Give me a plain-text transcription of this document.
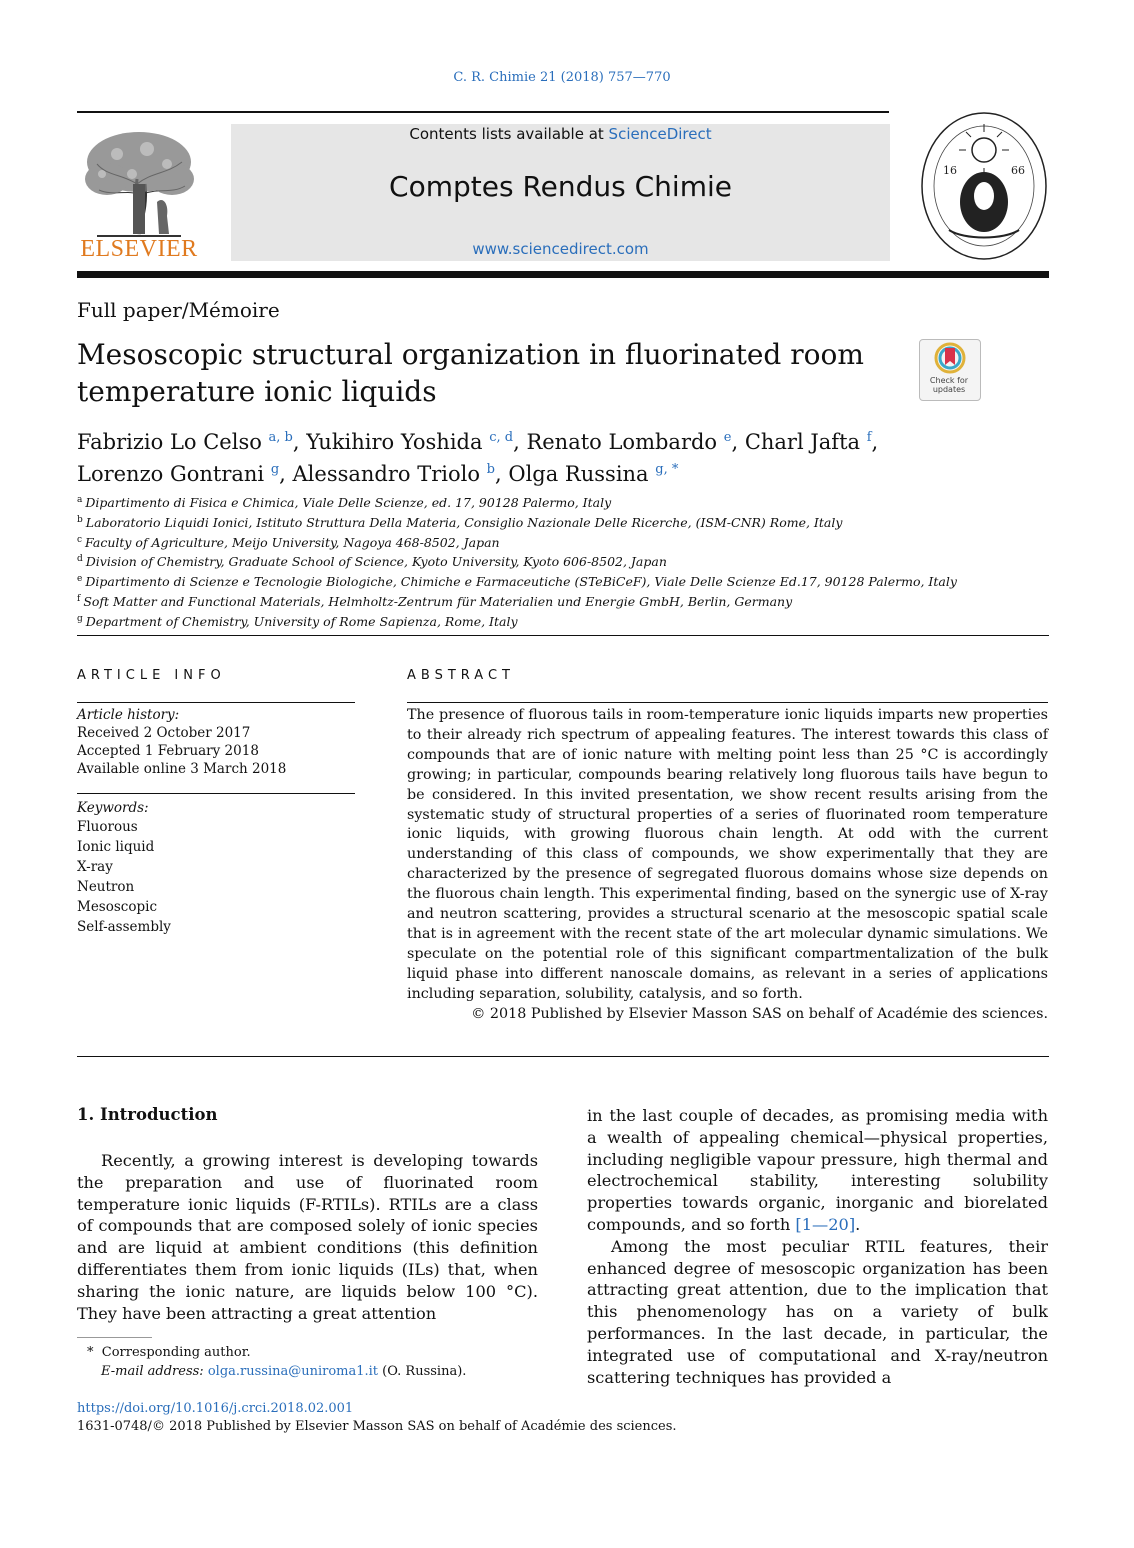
C. R. Chimie 21 (2018) 757—770
ELSEVIER
Contents lists available at ScienceDirect
Comptes Rendus Chimie
www.sciencedirect.com
16	66
Full paper/Mémoire
Mesoscopic structural organization in fluorinated room temperature ionic liquids	Check for
updates
Fabrizio Lo Celso $^{a, b}$, Yukihiro Yoshida $^{c, d}$, Renato Lombardo $^e$, Charl Jafta $^f$,
Lorenzo Gontrani $^g$, Alessandro Triolo $^b$, Olga Russina $^{g, *}$
$^a$ Dipartimento di Fisica e Chimica, Viale Delle Scienze, ed. 17, 90128 Palermo, Italy
$^b$ Laboratorio Liquidi Ionici, Istituto Struttura Della Materia, Consiglio Nazionale Delle Ricerche, (ISM-CNR) Rome, Italy
$^c$ Faculty of Agriculture, Meijo University, Nagoya 468-8502, Japan
$^d$ Division of Chemistry, Graduate School of Science, Kyoto University, Kyoto 606-8502, Japan
$^e$ Dipartimento di Scienze e Tecnologie Biologiche, Chimiche e Farmaceutiche (STeBiCeF), Viale Delle Scienze Ed.17, 90128 Palermo, Italy
$^f$ Soft Matter and Functional Materials, Helmholtz-Zentrum für Materialien und Energie GmbH, Berlin, Germany
$^g$ Department of Chemistry, University of Rome Sapienza, Rome, Italy
ARTICLE INFO
Article history:
Received 2 October 2017
Accepted 1 February 2018
Available online 3 March 2018
Keywords:
Fluorous
Ionic liquid
X-ray
Neutron
Mesoscopic
Self-assembly
ABSTRACT
The presence of fluorous tails in room-temperature ionic liquids imparts new properties to their already rich spectrum of appealing features. The interest towards this class of compounds that are of ionic nature with melting point less than 25 °C is accordingly growing; in particular, compounds bearing relatively long fluorous tails have begun to be considered. In this invited presentation, we show recent results arising from the systematic study of structural properties of a series of fluorinated room temperature ionic liquids, with growing fluorous chain length. At odd with the current understanding of this class of compounds, we show experimentally that they are characterized by the presence of segregated fluorous domains whose size depends on the fluorous chain length. This experimental finding, based on the synergic use of X-ray and neutron scattering, provides a structural scenario at the mesoscopic spatial scale that is in agreement with the recent state of the art molecular dynamic simulations. We speculate on the potential role of this significant compartmentalization of the bulk liquid phase into different nanoscale domains, as relevant in a series of applications including separation, solubility, catalysis, and so forth.
© 2018 Published by Elsevier Masson SAS on behalf of Académie des sciences.
1. Introduction

Recently, a growing interest is developing towards the preparation and use of fluorinated room temperature ionic liquids (F-RTILs). RTILs are a class of compounds that are composed solely of ionic species and are liquid at ambient conditions (this definition differentiates them from ionic liquids (ILs) that, when sharing the ionic nature, are liquids below 100 °C). They have been attracting a great attention

in the last couple of decades, as promising media with a wealth of appealing chemical—physical properties, including negligible vapour pressure, high thermal and electrochemical stability, interesting solubility properties towards organic, inorganic and biorelated compounds, and so forth [1—20].

Among the most peculiar RTIL features, their enhanced degree of mesoscopic organization has been attracting great attention, due to the implication that this phenomenology has on a variety of bulk performances. In the last decade, in particular, the integrated use of computational and X-ray/neutron scattering techniques has provided a

* Corresponding author.
E-mail address: olga.russina@uniroma1.it (O. Russina).
https://doi.org/10.1016/j.crci.2018.02.001
1631-0748/© 2018 Published by Elsevier Masson SAS on behalf of Académie des sciences.
